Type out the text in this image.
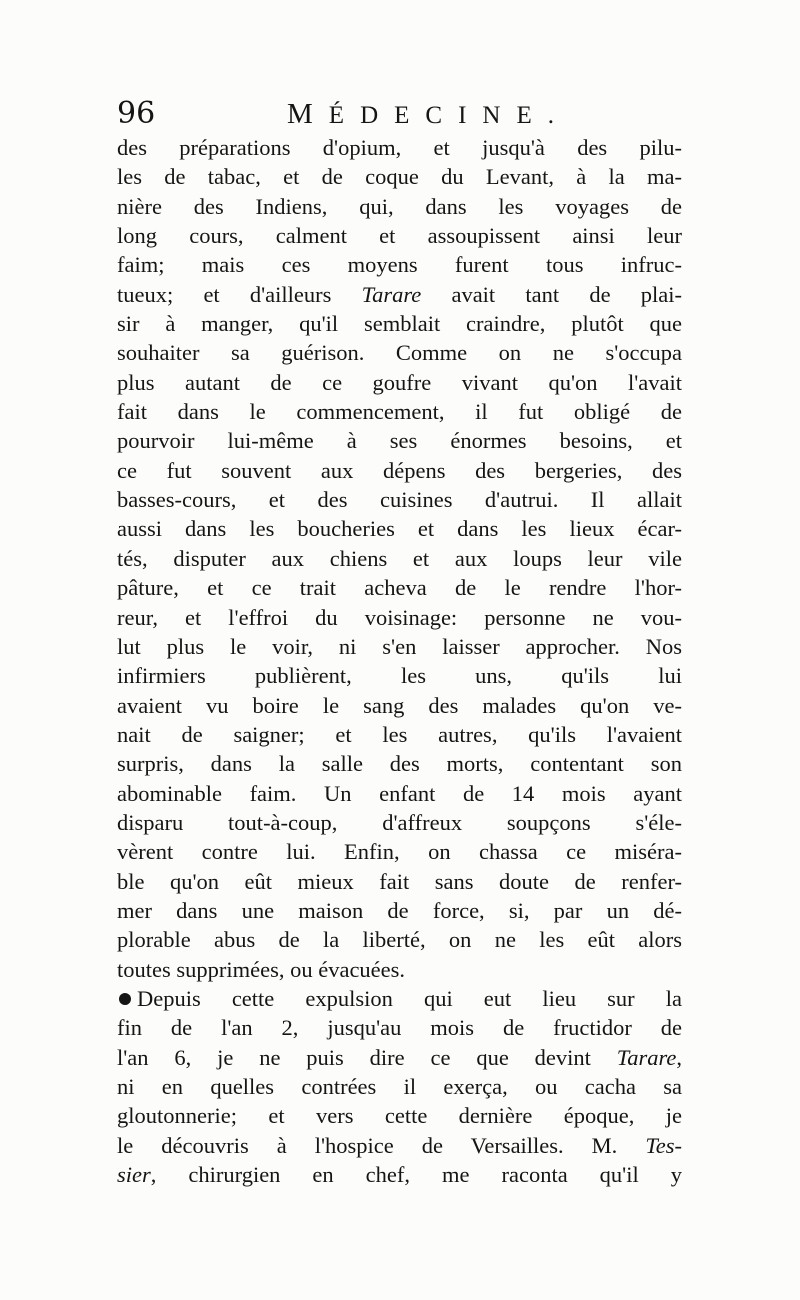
96	MÉDECINE.
des préparations d'opium, et jusqu'à des pilu-
les de tabac, et de coque du Levant, à la ma-
nière des Indiens, qui, dans les voyages de
long cours, calment et assoupissent ainsi leur
faim; mais ces moyens furent tous infruc-
tueux; et d'ailleurs Tarare avait tant de plai-
sir à manger, qu'il semblait craindre, plutôt que
souhaiter sa guérison. Comme on ne s'occupa
plus autant de ce goufre vivant qu'on l'avait
fait dans le commencement, il fut obligé de
pourvoir lui-même à ses énormes besoins, et
ce fut souvent aux dépens des bergeries, des
basses-cours, et des cuisines d'autrui. Il allait
aussi dans les boucheries et dans les lieux écar-
tés, disputer aux chiens et aux loups leur vile
pâture, et ce trait acheva de le rendre l'hor-
reur, et l'effroi du voisinage: personne ne vou-
lut plus le voir, ni s'en laisser approcher. Nos
infirmiers publièrent, les uns, qu'ils lui
avaient vu boire le sang des malades qu'on ve-
nait de saigner; et les autres, qu'ils l'avaient
surpris, dans la salle des morts, contentant son
abominable faim. Un enfant de 14 mois ayant
disparu tout-à-coup, d'affreux soupçons s'éle-
vèrent contre lui. Enfin, on chassa ce miséra-
ble qu'on eût mieux fait sans doute de renfer-
mer dans une maison de force, si, par un dé-
plorable abus de la liberté, on ne les eût alors
toutes supprimées, ou évacuées.
Depuis cette expulsion qui eut lieu sur la
fin de l'an 2, jusqu'au mois de fructidor de
l'an 6, je ne puis dire ce que devint Tarare,
ni en quelles contrées il exerça, ou cacha sa
gloutonnerie; et vers cette dernière époque, je
le découvris à l'hospice de Versailles. M. Tes-
sier, chirurgien en chef, me raconta qu'il y
